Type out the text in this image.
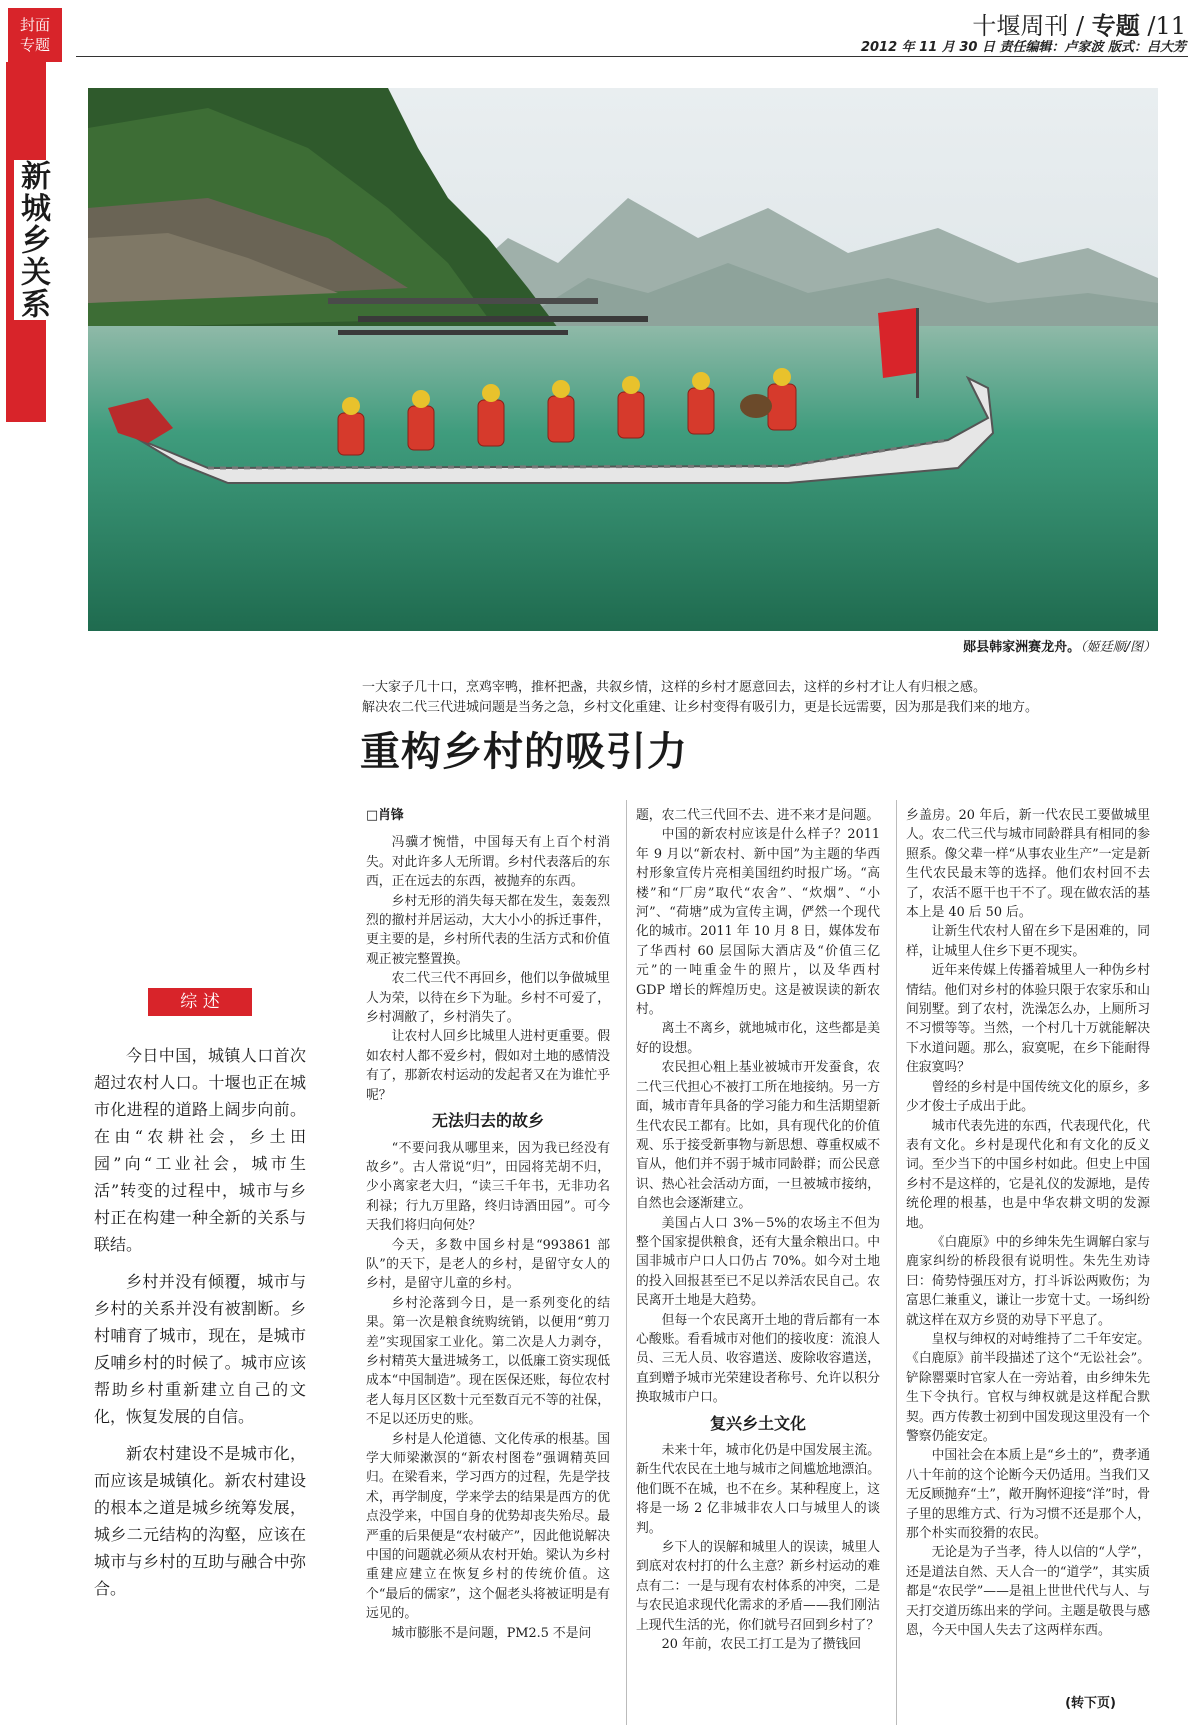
封面
专题
十堰周刊 / 专题 /11
2012 年 11 月 30 日 责任编辑：卢家波 版式：吕大芳
新城乡关系
郧县韩家洲赛龙舟。（姬廷顺/图）
一大家子几十口，烹鸡宰鸭，推杯把盏，共叙乡情，这样的乡村才愿意回去，这样的乡村才让人有归根之感。
解决农二代三代进城问题是当务之急，乡村文化重建、让乡村变得有吸引力，更是长远需要，因为那是我们来的地方。
重构乡村的吸引力
综 述

今日中国，城镇人口首次超过农村人口。十堰也正在城市化进程的道路上阔步向前。在由“农耕社会，乡土田园”向“工业社会，城市生活”转变的过程中，城市与乡村正在构建一种全新的关系与联结。

乡村并没有倾覆，城市与乡村的关系并没有被割断。乡村哺育了城市，现在，是城市反哺乡村的时候了。城市应该帮助乡村重新建立自己的文化，恢复发展的自信。

新农村建设不是城市化，而应该是城镇化。新农村建设的根本之道是城乡统筹发展，城乡二元结构的沟壑，应该在城市与乡村的互助与融合中弥合。

□肖锋

冯骥才惋惜，中国每天有上百个村消失。对此许多人无所谓。乡村代表落后的东西，正在远去的东西，被抛弃的东西。

乡村无形的消失每天都在发生，轰轰烈烈的撤村并居运动，大大小小的拆迁事件，更主要的是，乡村所代表的生活方式和价值观正被完整置换。

农二代三代不再回乡，他们以争做城里人为荣，以待在乡下为耻。乡村不可爱了，乡村凋敝了，乡村消失了。

让农村人回乡比城里人进村更重要。假如农村人都不爱乡村，假如对土地的感情没有了，那新农村运动的发起者又在为谁忙乎呢？

无法归去的故乡

“不要问我从哪里来，因为我已经没有故乡”。古人常说“归”，田园将芜胡不归，少小离家老大归，“读三千年书，无非功名利禄；行九万里路，终归诗酒田园”。可今天我们将归向何处？

今天，多数中国乡村是“993861 部队”的天下，是老人的乡村，是留守女人的乡村，是留守儿童的乡村。

乡村沦落到今日，是一系列变化的结果。第一次是粮食统购统销，以便用“剪刀差”实现国家工业化。第二次是人力剥夺，乡村精英大量进城务工，以低廉工资实现低成本“中国制造”。现在医保还账，每位农村老人每月区区数十元至数百元不等的社保，不足以还历史的账。

乡村是人伦道德、文化传承的根基。国学大师梁漱溟的“新农村图卷”强调精英回归。在梁看来，学习西方的过程，先是学技术，再学制度，学来学去的结果是西方的优点没学来，中国自身的优势却丧失殆尽。最严重的后果便是“农村破产”，因此他说解决中国的问题就必须从农村开始。梁认为乡村重建应建立在恢复乡村的传统价值。这个“最后的儒家”，这个倔老头将被证明是有远见的。

城市膨胀不是问题，PM2.5 不是问

题，农二代三代回不去、进不来才是问题。

中国的新农村应该是什么样子？2011 年 9 月以“新农村、新中国”为主题的华西村形象宣传片亮相美国纽约时报广场。“高楼”和“厂房”取代“农舍”、“炊烟”、“小河”、“荷塘”成为宣传主调，俨然一个现代化的城市。2011 年 10 月 8 日，媒体发布了华西村 60 层国际大酒店及“价值三亿元”的一吨重金牛的照片，以及华西村 GDP 增长的辉煌历史。这是被误读的新农村。

离土不离乡，就地城市化，这些都是美好的设想。

农民担心粗上基业被城市开发蚕食，农二代三代担心不被打工所在地接纳。另一方面，城市青年具备的学习能力和生活期望新生代农民工都有。比如，具有现代化的价值观、乐于接受新事物与新思想、尊重权威不盲从，他们并不弱于城市同龄群；而公民意识、热心社会活动方面，一旦被城市接纳，自然也会逐渐建立。

美国占人口 3%－5%的农场主不但为整个国家提供粮食，还有大量余粮出口。中国非城市户口人口仍占 70%。如今对土地的投入回报甚至已不足以养活农民自己。农民离开土地是大趋势。

但每一个农民离开土地的背后都有一本心酸账。看看城市对他们的接收度：流浪人员、三无人员、收容遣送、废除收容遣送，直到赠予城市光荣建设者称号、允许以积分换取城市户口。

复兴乡土文化

未来十年，城市化仍是中国发展主流。新生代农民在土地与城市之间尴尬地漂泊。他们既不在城，也不在乡。某种程度上，这将是一场 2 亿非城非农人口与城里人的谈判。

乡下人的误解和城里人的误读，城里人到底对农村打的什么主意？新乡村运动的难点有二：一是与现有农村体系的冲突，二是与农民追求现代化需求的矛盾——我们刚沾上现代生活的光，你们就号召回到乡村了？

20 年前，农民工打工是为了攒钱回

乡盖房。20 年后，新一代农民工要做城里人。农二代三代与城市同龄群具有相同的参照系。像父辈一样“从事农业生产”一定是新生代农民最末等的选择。他们农村回不去了，农活不愿干也干不了。现在做农活的基本上是 40 后 50 后。

让新生代农村人留在乡下是困难的，同样，让城里人住乡下更不现实。

近年来传媒上传播着城里人一种伪乡村情结。他们对乡村的体验只限于农家乐和山间别墅。到了农村，洗澡怎么办，上厕所习不习惯等等。当然，一个村几十万就能解决下水道问题。那么，寂寞呢，在乡下能耐得住寂寞吗？

曾经的乡村是中国传统文化的原乡，多少才俊士子成出于此。

城市代表先进的东西，代表现代化，代表有文化。乡村是现代化和有文化的反义词。至少当下的中国乡村如此。但史上中国乡村不是这样的，它是礼仪的发源地，是传统伦理的根基，也是中华农耕文明的发源地。

《白鹿原》中的乡绅朱先生调解白家与鹿家纠纷的桥段很有说明性。朱先生劝诗曰：倚势恃强压对方，打斗诉讼两败伤；为富思仁兼重义，谦让一步宽十丈。一场纠纷就这样在双方乡贤的劝导下平息了。

皇权与绅权的对峙维持了二千年安定。《白鹿原》前半段描述了这个“无讼社会”。铲除罂粟时官家人在一旁站着，由乡绅朱先生下令执行。官权与绅权就是这样配合默契。西方传教士初到中国发现这里没有一个警察仍能安定。

中国社会在本质上是“乡土的”，费孝通八十年前的这个论断今天仍适用。当我们又无反顾抛弃“土”，敞开胸怀迎接“洋”时，骨子里的思维方式、行为习惯不还是那个人，那个朴实而狡猾的农民。

无论是为子当孝，待人以信的“人学”，还是道法自然、天人合一的“道学”，其实质都是“农民学”——是祖上世世代代与人、与天打交道历练出来的学问。主题是敬畏与感恩，今天中国人失去了这两样东西。

(转下页)
